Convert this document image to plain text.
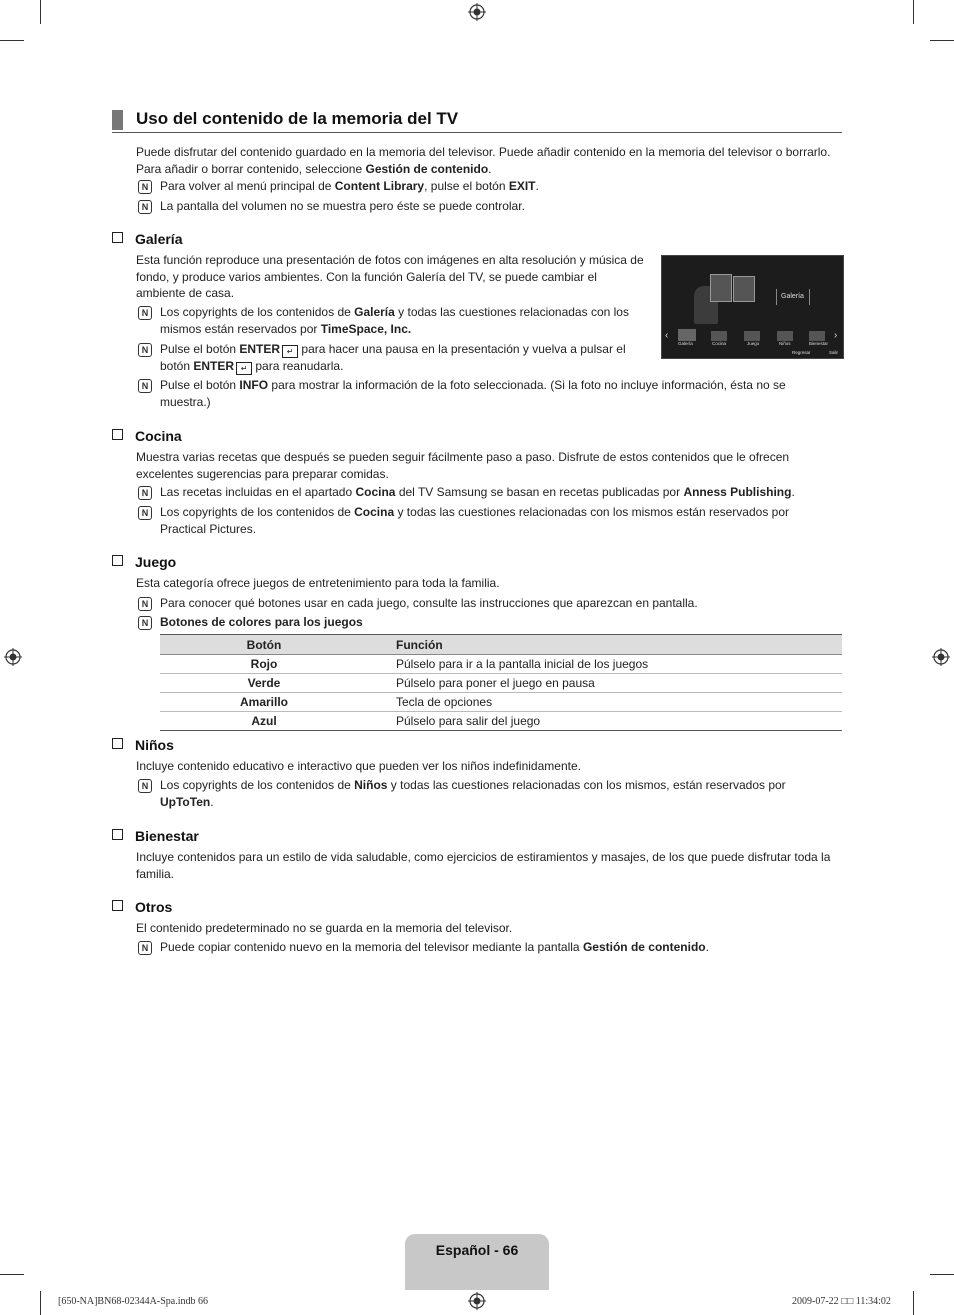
Uso del contenido de la memoria del TV

Puede disfrutar del contenido guardado en la memoria del televisor. Puede añadir contenido en la memoria del televisor o borrarlo. Para añadir o borrar contenido, seleccione Gestión de contenido.

N Para volver al menú principal de Content Library, pulse el botón EXIT.
N La pantalla del volumen no se muestra pero éste se puede controlar.
Galería

Esta función reproduce una presentación de fotos con imágenes en alta resolución y música de fondo, y produce varios ambientes. Con la función Galería del TV, se puede cambiar el ambiente de casa.

N Los copyrights de los contenidos de Galería y todas las cuestiones relacionadas con los mismos están reservados por TimeSpace, Inc.
N Pulse el botón ENTER ↵ para hacer una pausa en la presentación y vuelva a pulsar el botón ENTER ↵ para reanudarla.
N Pulse el botón INFO para mostrar la información de la foto seleccionada. (Si la foto no incluye información, ésta no se muestra.)
Galería
‹	›
Galería	Cocina	Juego	Niños	Bienestar
Regresar	Salir
Cocina

Muestra varias recetas que después se pueden seguir fácilmente paso a paso. Disfrute de estos contenidos que le ofrecen excelentes sugerencias para preparar comidas.

N Las recetas incluidas en el apartado Cocina del TV Samsung se basan en recetas publicadas por Anness Publishing.
N Los copyrights de los contenidos de Cocina y todas las cuestiones relacionadas con los mismos están reservados por Practical Pictures.
Juego

Esta categoría ofrece juegos de entretenimiento para toda la familia.

N Para conocer qué botones usar en cada juego, consulte las instrucciones que aparezcan en pantalla.
N Botones de colores para los juegos
Botón	Función
Rojo	Púlselo para ir a la pantalla inicial de los juegos
Verde	Púlselo para poner el juego en pausa
Amarillo	Tecla de opciones
Azul	Púlselo para salir del juego
Niños

Incluye contenido educativo e interactivo que pueden ver los niños indefinidamente.

N Los copyrights de los contenidos de Niños y todas las cuestiones relacionadas con los mismos, están reservados por UpToTen.
Bienestar

Incluye contenidos para un estilo de vida saludable, como ejercicios de estiramientos y masajes, de los que puede disfrutar toda la familia.

Otros

El contenido predeterminado no se guarda en la memoria del televisor.

N Puede copiar contenido nuevo en la memoria del televisor mediante la pantalla Gestión de contenido.
Español - 66
[650-NA]BN68-02344A-Spa.indb 66	2009-07-22 □□ 11:34:02
